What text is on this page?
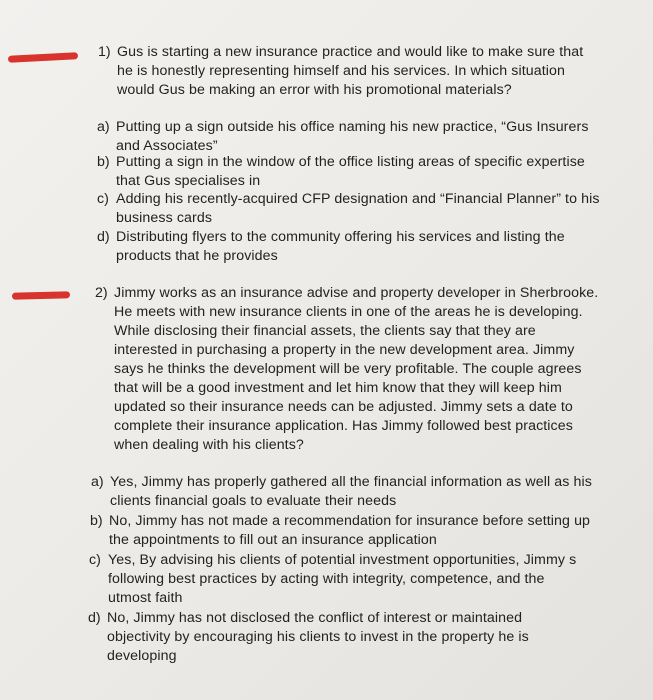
1) Gus is starting a new insurance practice and would like to make sure that
he is honestly representing himself and his services. In which situation
would Gus be making an error with his promotional materials?
a) Putting up a sign outside his office naming his new practice, “Gus Insurers
and Associates”
b) Putting a sign in the window of the office listing areas of specific expertise
that Gus specialises in
c) Adding his recently-acquired CFP designation and “Financial Planner” to his
business cards
d) Distributing flyers to the community offering his services and listing the
products that he provides
2) Jimmy works as an insurance advise and property developer in Sherbrooke.
He meets with new insurance clients in one of the areas he is developing.
While disclosing their financial assets, the clients say that they are
interested in purchasing a property in the new development area. Jimmy
says he thinks the development will be very profitable. The couple agrees
that will be a good investment and let him know that they will keep him
updated so their insurance needs can be adjusted. Jimmy sets a date to
complete their insurance application. Has Jimmy followed best practices
when dealing with his clients?
a) Yes, Jimmy has properly gathered all the financial information as well as his
clients financial goals to evaluate their needs
b) No, Jimmy has not made a recommendation for insurance before setting up
the appointments to fill out an insurance application
c) Yes, By advising his clients of potential investment opportunities, Jimmy s
following best practices by acting with integrity, competence, and the
utmost faith
d) No, Jimmy has not disclosed the conflict of interest or maintained
objectivity by encouraging his clients to invest in the property he is
developing
